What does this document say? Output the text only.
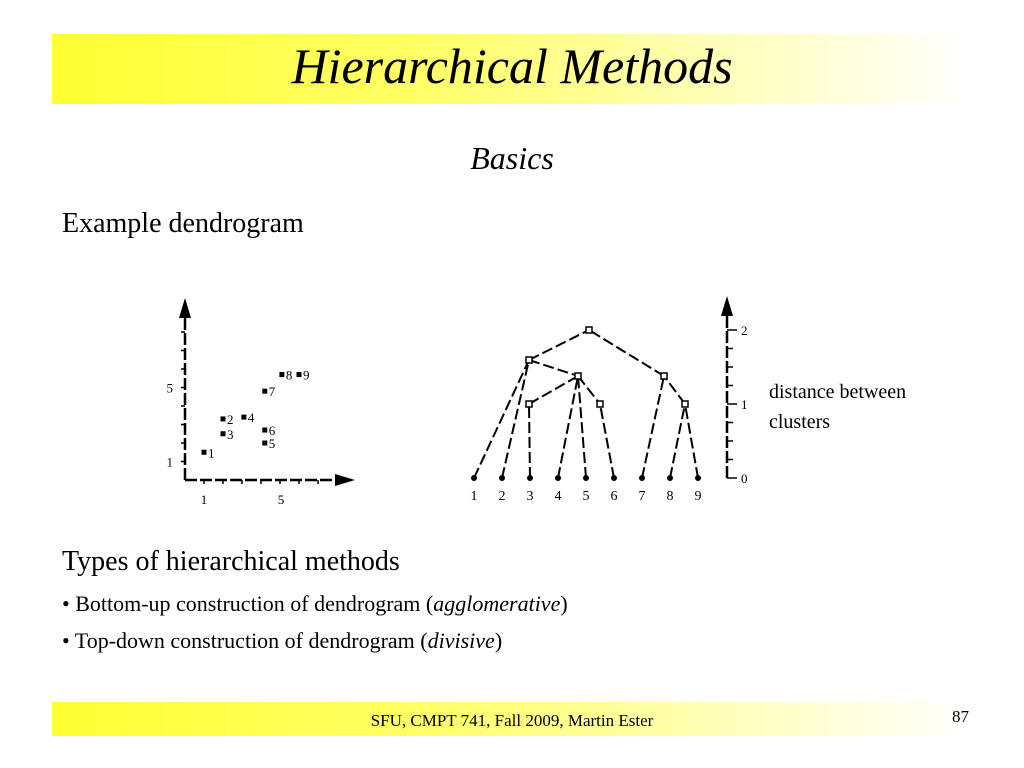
Hierarchical Methods
Basics
Example dendrogram
1
5
1	5
1
2
3
4
5
6
7
8 9
1 2 3 4 5 6 7 8 9
0
1
2
distance between clusters
Types of hierarchical methods
• Bottom-up construction of dendrogram (agglomerative)
• Top-down construction of dendrogram (divisive)
SFU, CMPT 741, Fall 2009, Martin Ester	87
